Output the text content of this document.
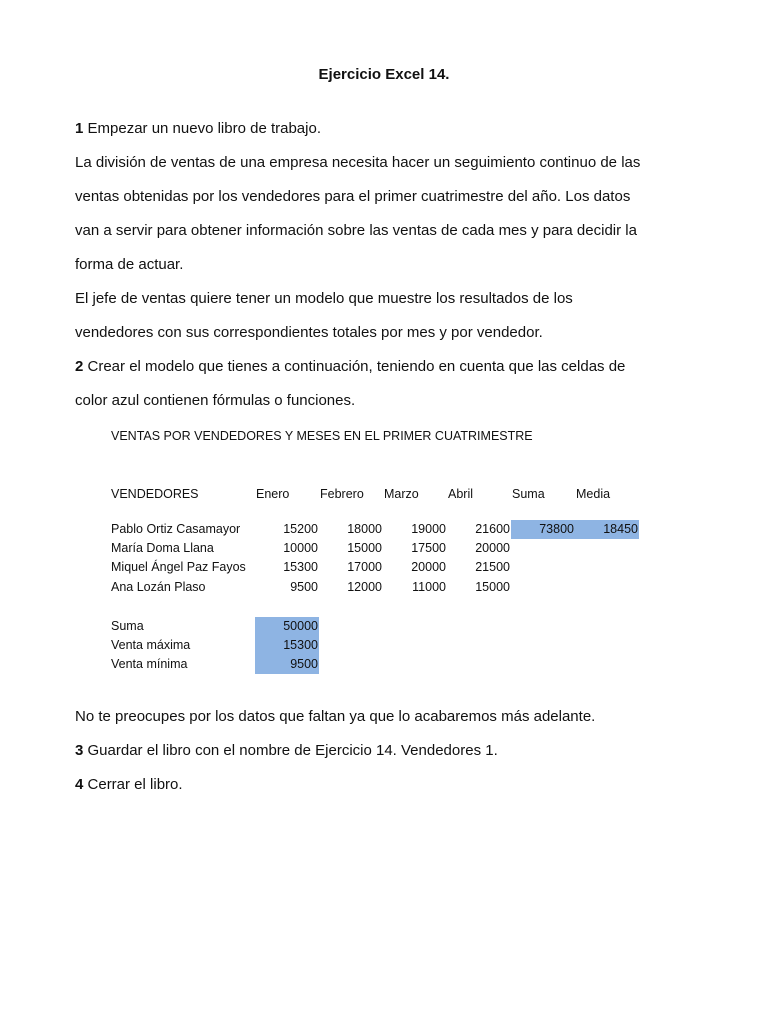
Ejercicio Excel 14.
1 Empezar un nuevo libro de trabajo.
La división de ventas de una empresa necesita hacer un seguimiento continuo de las
ventas obtenidas por los vendedores para el primer cuatrimestre del año. Los datos
van a servir para obtener información sobre las ventas de cada mes y para decidir la
forma de actuar.
El jefe de ventas quiere tener un modelo que muestre los resultados de los
vendedores con sus correspondientes totales por mes y por vendedor.
2 Crear el modelo que tienes a continuación, teniendo en cuenta que las celdas de
color azul contienen fórmulas o funciones.
VENTAS POR VENDEDORES Y MESES EN EL PRIMER CUATRIMESTRE
VENDEDORES	Enero Febrero Marzo Abril	Suma	Media
Pablo Ortiz Casamayor	15200	18000	19000	21600	73800	18450
María Doma Llana	10000	15000	17500	20000
Miquel Ángel Paz Fayos	15300	17000	20000	21500
Ana Lozán Plaso	9500	12000	11000	15000
Suma	50000
Venta máxima	15300
Venta mínima	9500
No te preocupes por los datos que faltan ya que lo acabaremos más adelante.
3 Guardar el libro con el nombre de Ejercicio 14. Vendedores 1.
4 Cerrar el libro.
